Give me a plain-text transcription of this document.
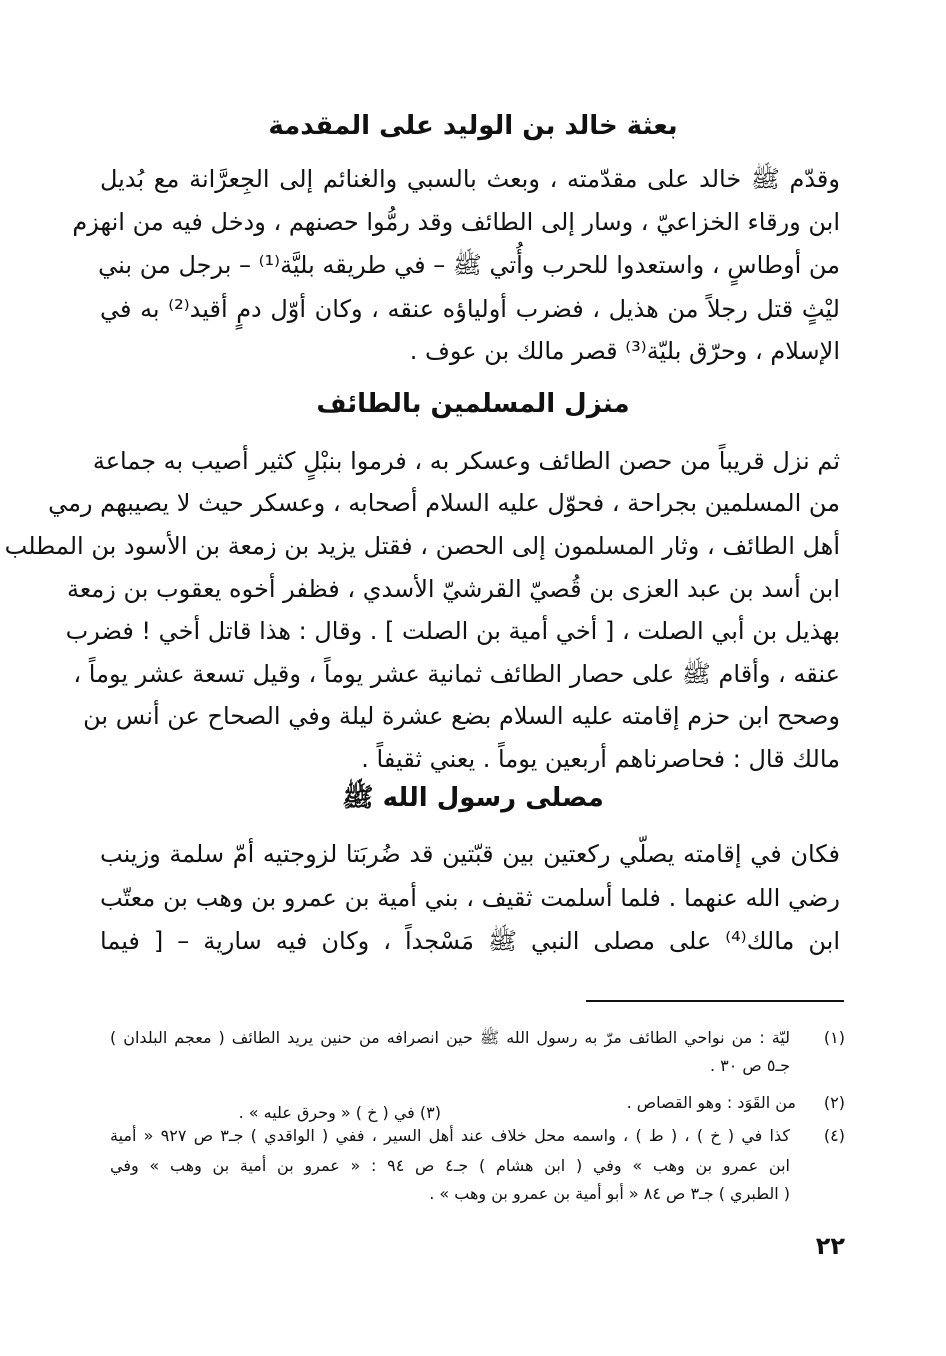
بعثة خالد بن الوليد على المقدمة
وقدّم ﷺ خالد على مقدّمته ، وبعث بالسبي والغنائم إلى الجِعرَّانة مع بُديل
ابن ورقاء الخزاعيّ ، وسار إلى الطائف وقد رمُّوا حصنهم ، ودخل فيه من انهزم
من أوطاسٍ ، واستعدوا للحرب وأُتي ﷺ – في طريقه بليَّة⁽¹⁾ – برجل من بني
ليْثٍ قتل رجلاً من هذيل ، فضرب أولياؤه عنقه ، وكان أوّل دمٍ أقيد⁽²⁾ به في
الإسلام ، وحرّق بليّة⁽³⁾ قصر مالك بن عوف .
منزل المسلمين بالطائف
ثم نزل قريباً من حصن الطائف وعسكر به ، فرموا بنبْلٍ كثير أصيب به جماعة
من المسلمين بجراحة ، فحوّل عليه السلام أصحابه ، وعسكر حيث لا يصيبهم رمي
أهل الطائف ، وثار المسلمون إلى الحصن ، فقتل يزيد بن زمعة بن الأسود بن المطلب
ابن أسد بن عبد العزى بن قُصيّ القرشيّ الأسدي ، فظفر أخوه يعقوب بن زمعة
بهذيل بن أبي الصلت ، [ أخي أمية بن الصلت ] . وقال : هذا قاتل أخي ! فضرب
عنقه ، وأقام ﷺ على حصار الطائف ثمانية عشر يوماً ، وقيل تسعة عشر يوماً ،
وصحح ابن حزم إقامته عليه السلام بضع عشرة ليلة وفي الصحاح عن أنس بن
مالك قال : فحاصرناهم أربعين يوماً . يعني ثقيفاً .
مصلى رسول الله ﷺ
فكان في إقامته يصلّي ركعتين بين قبّتين قد ضُربَتا لزوجتيه أمّ سلمة وزينب
رضي الله عنهما . فلما أسلمت ثقيف ، بني أمية بن عمرو بن وهب بن معتّب
ابن مالك⁽⁴⁾ على مصلى النبي ﷺ مَسْجداً ، وكان فيه سارية – [ فيما
(١)
ليّة : من نواحي الطائف مرّ به رسول الله ﷺ حين انصرافه من حنين يريد الطائف ( معجم البلدان )
جـ٥ ص ٣٠ .
(٢)
من القَوَد : وهو القصاص .
(٣) في ( خ ) « وحرق عليه » .
(٤)
كذا في ( خ ) ، ( ط ) ، واسمه محل خلاف عند أهل السير ، ففي ( الواقدي ) جـ٣ ص ٩٢٧ « أمية
ابن عمرو بن وهب » وفي ( ابن هشام ) جـ٤ ص ٩٤ : « عمرو بن أمية بن وهب » وفي
( الطبري ) جـ٣ ص ٨٤ « أبو أمية بن عمرو بن وهب » .
٢٢
